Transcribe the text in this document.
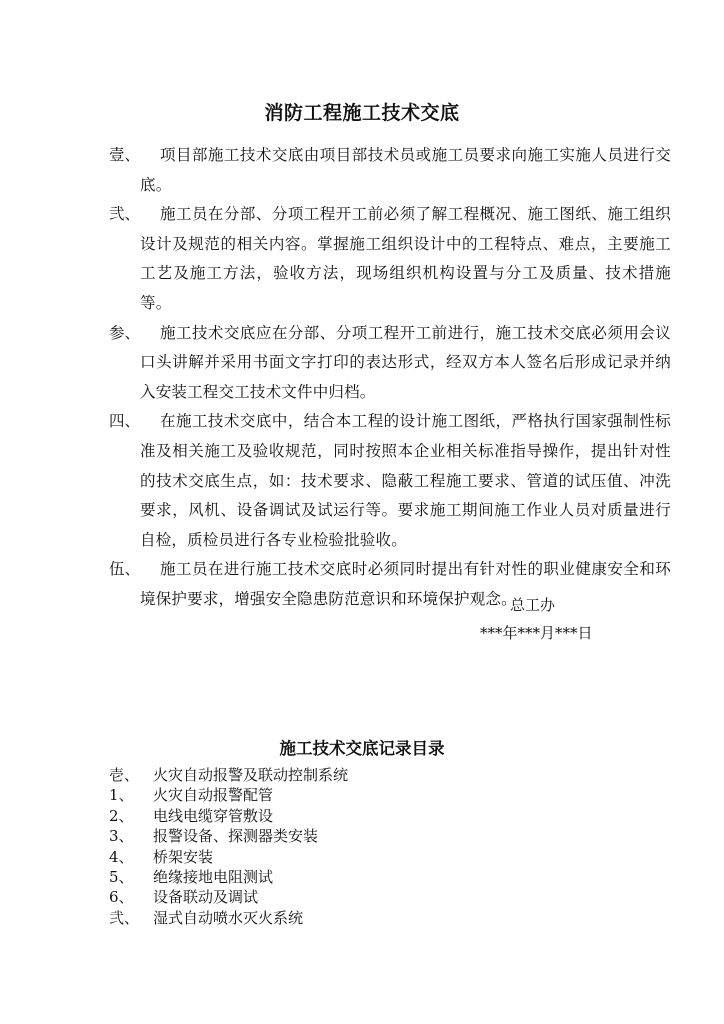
消防工程施工技术交底
壹、	项目部施工技术交底由项目部技术员或施工员要求向施工实施人员进行交底。
弐、	施工员在分部、分项工程开工前必须了解工程概况、施工图纸、施工组织设计及规范的相关内容。掌握施工组织设计中的工程特点、难点，主要施工工艺及施工方法，验收方法，现场组织机构设置与分工及质量、技术措施等。
参、	施工技术交底应在分部、分项工程开工前进行，施工技术交底必须用会议口头讲解并采用书面文字打印的表达形式，经双方本人签名后形成记录并纳入安装工程交工技术文件中归档。
四、	在施工技术交底中，结合本工程的设计施工图纸，严格执行国家强制性标准及相关施工及验收规范，同时按照本企业相关标准指导操作，提出针对性的技术交底生点，如：技术要求、隐蔽工程施工要求、管道的试压值、冲洗要求，风机、设备调试及试运行等。要求施工期间施工作业人员对质量进行自检，质检员进行各专业检验批验收。
伍、	施工员在进行施工技术交底时必须同时提出有针对性的职业健康安全和环境保护要求，增强安全隐患防范意识和环境保护观念。
总工办
***年***月***日
施工技术交底记录目录
壱、 火灾自动报警及联动控制系统
1、 火灾自动报警配管
2、 电线电缆穿管敷设
3、 报警设备、探测器类安装
4、 桥架安装
5、 绝缘接地电阻测试
6、 设备联动及调试
弐、 湿式自动喷水灭火系统
